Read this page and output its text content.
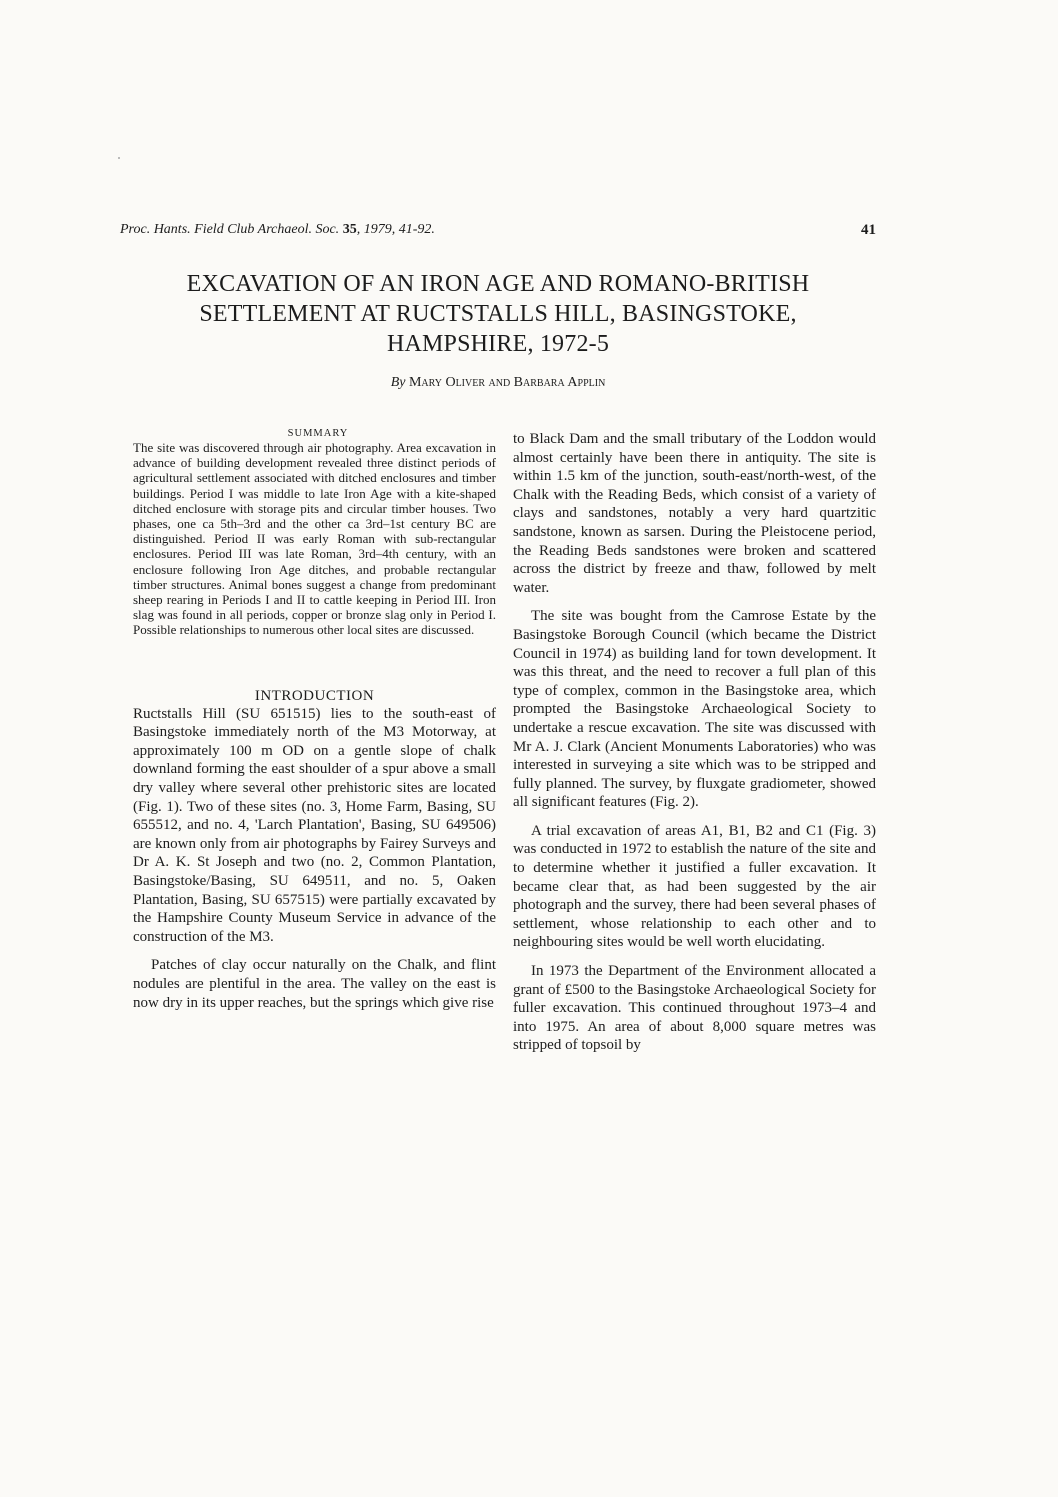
Proc. Hants. Field Club Archaeol. Soc. 35, 1979, 41-92.	41
EXCAVATION OF AN IRON AGE AND ROMANO-BRITISH
SETTLEMENT AT RUCTSTALLS HILL, BASINGSTOKE,
HAMPSHIRE, 1972-5
By Mary Oliver and Barbara Applin
SUMMARY

The site was discovered through air photography. Area excavation in advance of building development revealed three distinct periods of agricultural settlement associated with ditched enclosures and timber buildings. Period I was middle to late Iron Age with a kite-shaped ditched enclosure with storage pits and circular timber houses. Two phases, one ca 5th–3rd and the other ca 3rd–1st century BC are distinguished. Period II was early Roman with sub-rectangular enclosures. Period III was late Roman, 3rd–4th century, with an enclosure following Iron Age ditches, and probable rectangular timber structures. Animal bones suggest a change from predominant sheep rearing in Periods I and II to cattle keeping in Period III. Iron slag was found in all periods, copper or bronze slag only in Period I. Possible relationships to numerous other local sites are discussed.

INTRODUCTION

Ructstalls Hill (SU 651515) lies to the south-east of Basingstoke immediately north of the M3 Motorway, at approximately 100 m OD on a gentle slope of chalk downland forming the east shoulder of a spur above a small dry valley where several other prehistoric sites are located (Fig. 1). Two of these sites (no. 3, Home Farm, Basing, SU 655512, and no. 4, 'Larch Plantation', Basing, SU 649506) are known only from air photographs by Fairey Surveys and Dr A. K. St Joseph and two (no. 2, Common Plantation, Basingstoke/Basing, SU 649511, and no. 5, Oaken Plantation, Basing, SU 657515) were partially excavated by the Hampshire County Museum Service in advance of the construction of the M3.

Patches of clay occur naturally on the Chalk, and flint nodules are plentiful in the area. The valley on the east is now dry in its upper reaches, but the springs which give rise

to Black Dam and the small tributary of the Loddon would almost certainly have been there in antiquity. The site is within 1.5 km of the junction, south-east/north-west, of the Chalk with the Reading Beds, which consist of a variety of clays and sandstones, notably a very hard quartzitic sandstone, known as sarsen. During the Pleistocene period, the Reading Beds sandstones were broken and scattered across the district by freeze and thaw, followed by melt water.

The site was bought from the Camrose Estate by the Basingstoke Borough Council (which became the District Council in 1974) as building land for town development. It was this threat, and the need to recover a full plan of this type of complex, common in the Basingstoke area, which prompted the Basingstoke Archaeological Society to undertake a rescue excavation. The site was discussed with Mr A. J. Clark (Ancient Monuments Laboratories) who was interested in surveying a site which was to be stripped and fully planned. The survey, by fluxgate gradiometer, showed all significant features (Fig. 2).

A trial excavation of areas A1, B1, B2 and C1 (Fig. 3) was conducted in 1972 to establish the nature of the site and to determine whether it justified a fuller excavation. It became clear that, as had been suggested by the air photograph and the survey, there had been several phases of settlement, whose relationship to each other and to neighbouring sites would be well worth elucidating.

In 1973 the Department of the Environment allocated a grant of £500 to the Basingstoke Archaeological Society for fuller excavation. This continued throughout 1973–4 and into 1975. An area of about 8,000 square metres was stripped of topsoil by
